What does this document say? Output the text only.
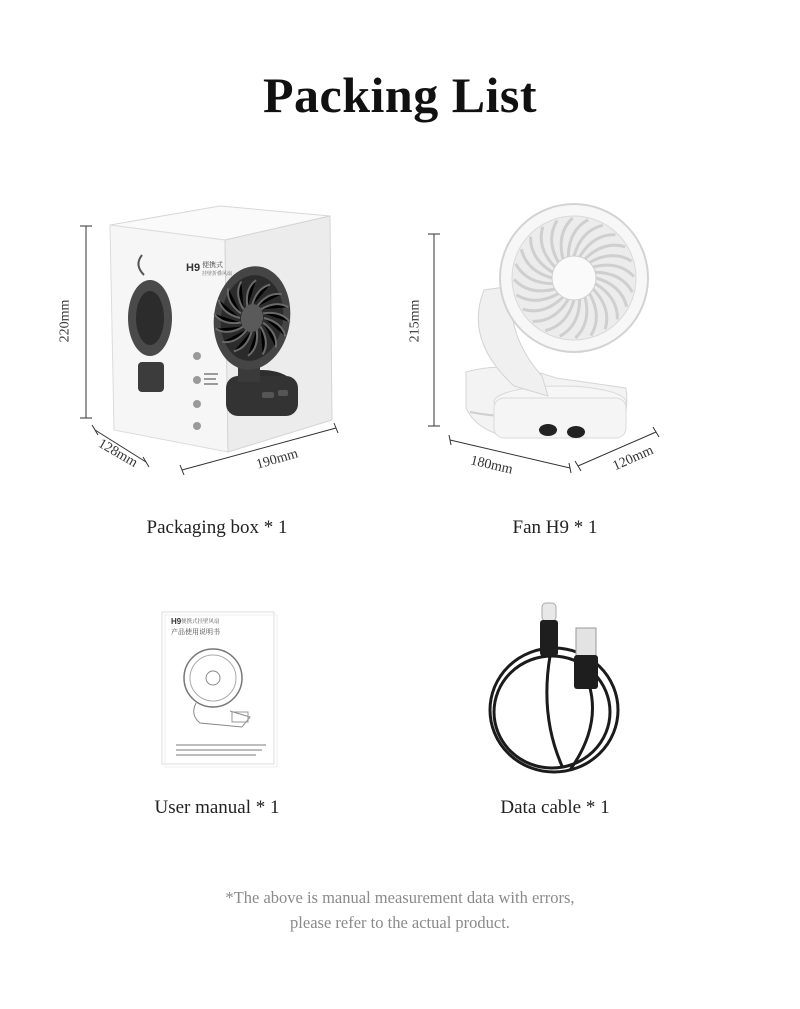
Packing List
H9 便携式
挂壁折叠风扇
220mm
128mm	190mm
Packaging box * 1
215mm
180mm	120mm
Fan H9 * 1
H9 便携式挂壁风扇
产品使用说明书
User manual * 1	Data cable * 1
*The above is manual measurement data with errors,
please refer to the actual product.
